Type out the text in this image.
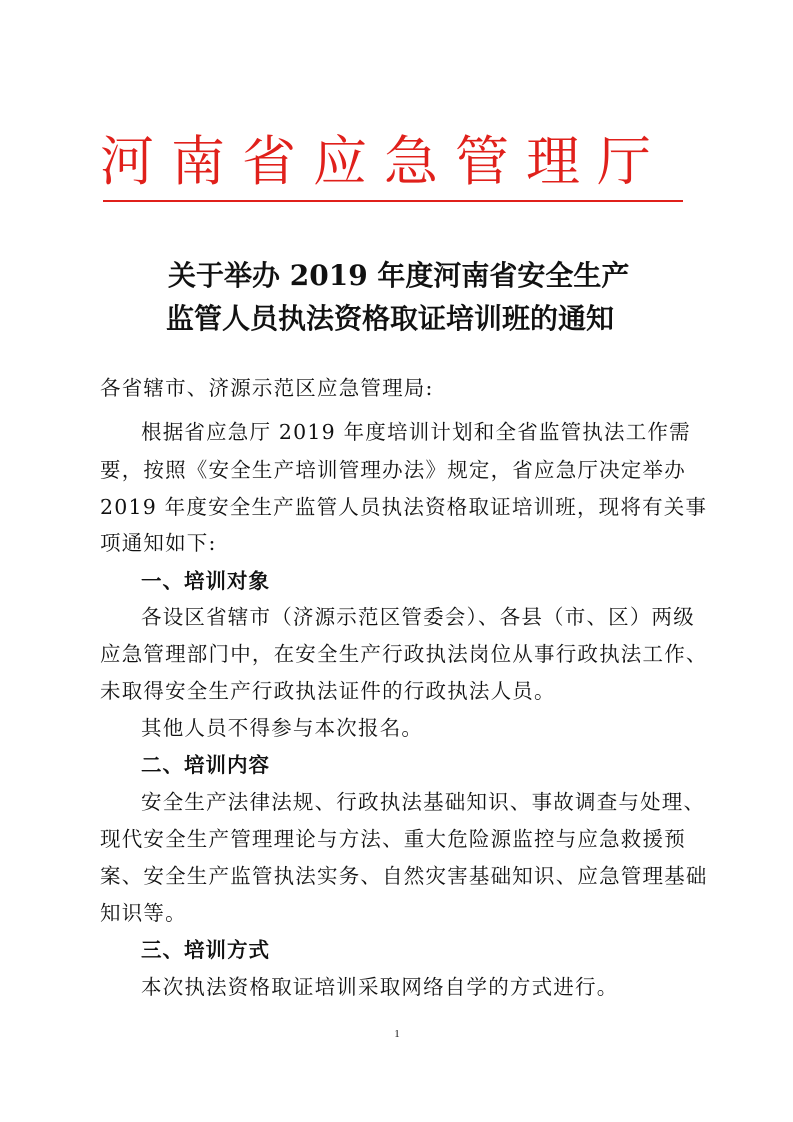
河南省应急管理厅
关于举办 2019 年度河南省安全生产
监管人员执法资格取证培训班的通知
各省辖市、济源示范区应急管理局:
根据省应急厅 2019 年度培训计划和全省监管执法工作需
要，按照《安全生产培训管理办法》规定，省应急厅决定举办
2019 年度安全生产监管人员执法资格取证培训班，现将有关事
项通知如下:
一、培训对象
各设区省辖市（济源示范区管委会）、各县（市、区）两级
应急管理部门中，在安全生产行政执法岗位从事行政执法工作、
未取得安全生产行政执法证件的行政执法人员。
其他人员不得参与本次报名。
二、培训内容
安全生产法律法规、行政执法基础知识、事故调查与处理、
现代安全生产管理理论与方法、重大危险源监控与应急救援预
案、安全生产监管执法实务、自然灾害基础知识、应急管理基础
知识等。
三、培训方式
本次执法资格取证培训采取网络自学的方式进行。
1
